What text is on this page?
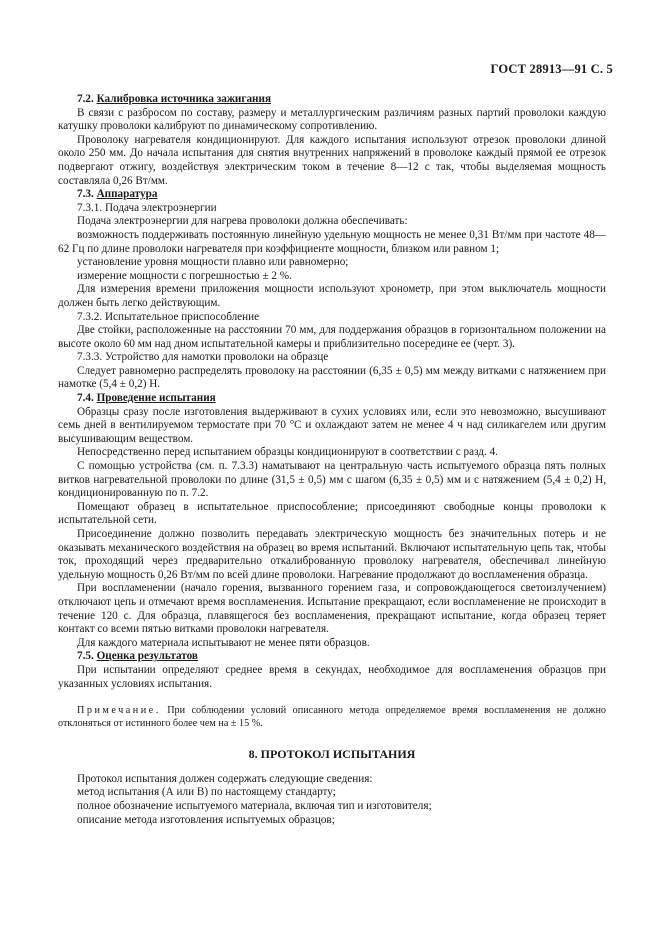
ГОСТ 28913—91 С. 5

7.2. Калибровка источника зажигания

В связи с разбросом по составу, размеру и металлургическим различиям разных партий проволоки каждую катушку проволоки калибруют по динамическому сопротивлению.

Проволоку нагревателя кондиционируют. Для каждого испытания используют отрезок проволоки длиной около 250 мм. До начала испытания для снятия внутренних напряжений в проволоке каждый прямой ее отрезок подвергают отжигу, воздействуя электрическим током в течение 8—12 с так, чтобы выделяемая мощность составляла 0,26 Вт/мм.

7.3. Аппаратура

7.3.1. Подача электроэнергии

Подача электроэнергии для нагрева проволоки должна обеспечивать:

возможность поддерживать постоянную линейную удельную мощность не менее 0,31 Вт/мм при частоте 48—62 Гц по длине проволоки нагревателя при коэффициенте мощности, близком или равном 1;

установление уровня мощности плавно или равномерно;

измерение мощности с погрешностью ± 2 %.

Для измерения времени приложения мощности используют хронометр, при этом выключатель мощности должен быть легко действующим.

7.3.2. Испытательное приспособление

Две стойки, расположенные на расстоянии 70 мм, для поддержания образцов в горизонтальном положении на высоте около 60 мм над дном испытательной камеры и приблизительно посередине ее (черт. 3).

7.3.3. Устройство для намотки проволоки на образце

Следует равномерно распределять проволоку на расстоянии (6,35 ± 0,5) мм между витками с натяжением при намотке (5,4 ± 0,2) Н.

7.4. Проведение испытания

Образцы сразу после изготовления выдерживают в сухих условиях или, если это невозможно, высушивают семь дней в вентилируемом термостате при 70 °С и охлаждают затем не менее 4 ч над силикагелем или другим высушивающим веществом.

Непосредственно перед испытанием образцы кондиционируют в соответствии с разд. 4.

С помощью устройства (см. п. 7.3.3) наматывают на центральную часть испытуемого образца пять полных витков нагревательной проволоки по длине (31,5 ± 0,5) мм с шагом (6,35 ± 0,5) мм и с натяжением (5,4 ± 0,2) Н, кондиционированную по п. 7.2.

Помещают образец в испытательное приспособление; присоединяют свободные концы проволоки к испытательной сети.

Присоединение должно позволить передавать электрическую мощность без значительных потерь и не оказывать механического воздействия на образец во время испытаний. Включают испытательную цепь так, чтобы ток, проходящий через предварительно откалиброванную проволоку нагревателя, обеспечивал линейную удельную мощность 0,26 Вт/мм по всей длине проволоки. Нагревание продолжают до воспламенения образца.

При воспламенении (начало горения, вызванного горением газа, и сопровождающегося светоизлучением) отключают цепь и отмечают время воспламенения. Испытание прекращают, если воспламенение не происходит в течение 120 с. Для образца, плавящегося без воспламенения, прекращают испытание, когда образец теряет контакт со всеми пятью витками проволоки нагревателя.

Для каждого материала испытывают не менее пяти образцов.

7.5. Оценка результатов

При испытании определяют среднее время в секундах, необходимое для воспламенения образцов при указанных условиях испытания.

Примечание. При соблюдении условий описанного метода определяемое время воспламенения не должно отклоняться от истинного более чем на ± 15 %.

8. ПРОТОКОЛ ИСПЫТАНИЯ

Протокол испытания должен содержать следующие сведения:

метод испытания (А или В) по настоящему стандарту;

полное обозначение испытуемого материала, включая тип и изготовителя;

описание метода изготовления испытуемых образцов;
